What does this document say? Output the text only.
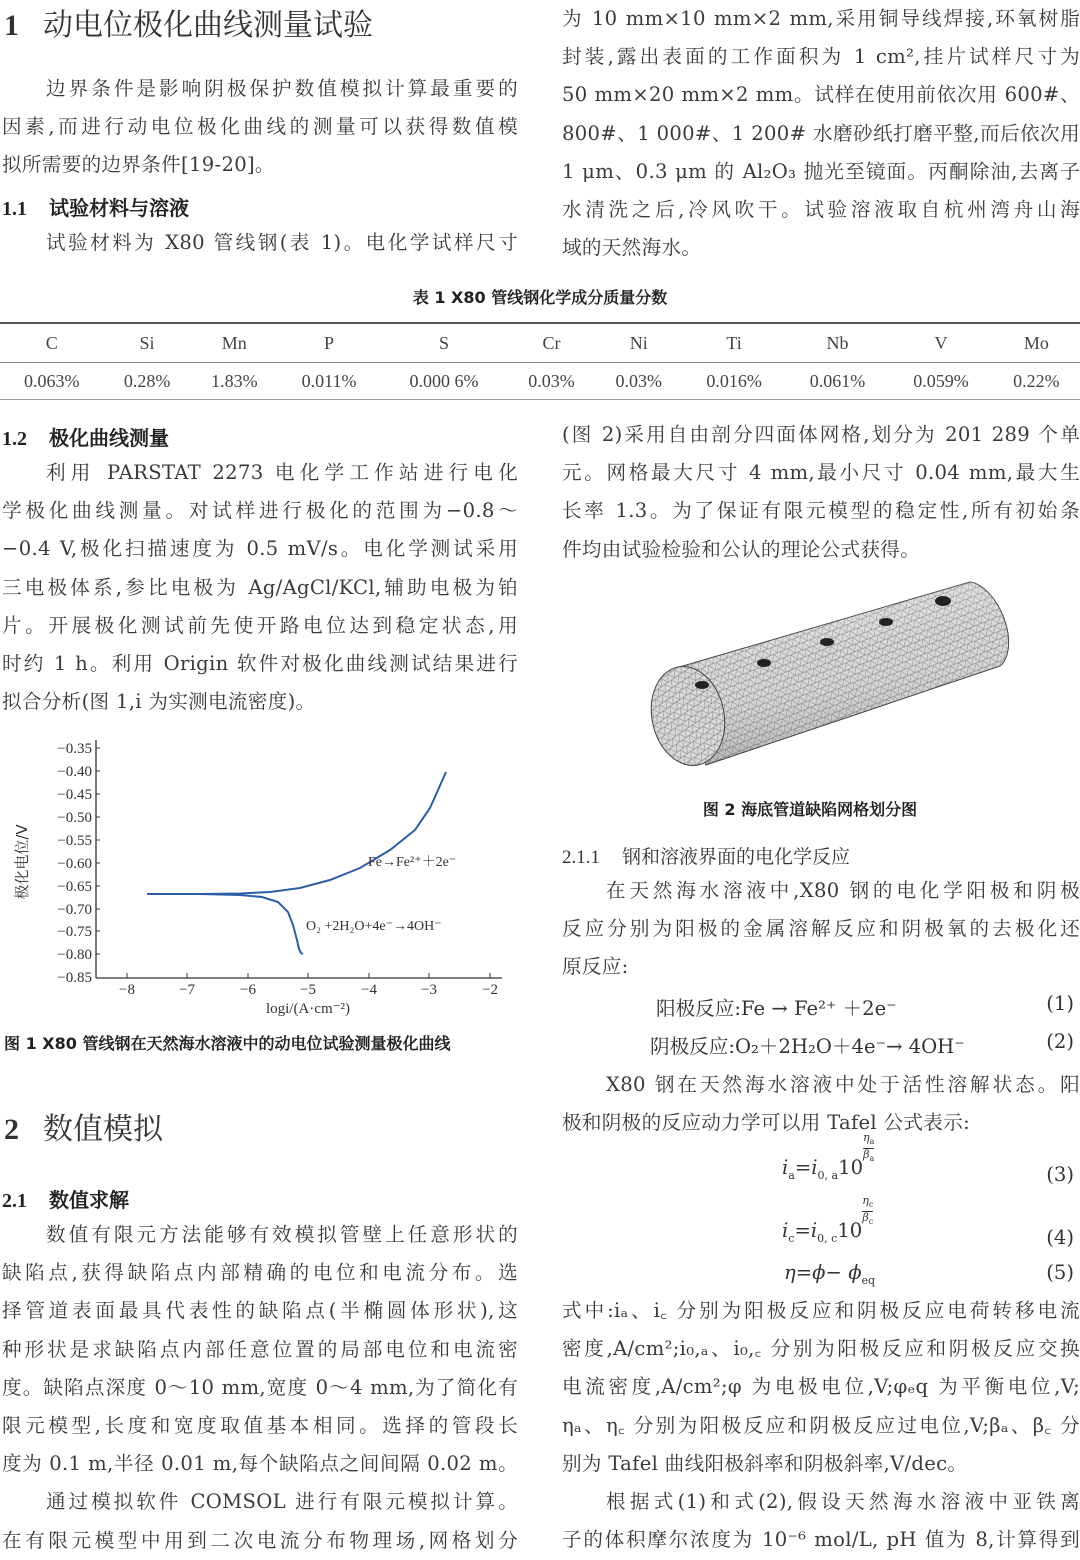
1 动电位极化曲线测量试验
边界条件是影响阴极保护数值模拟计算最重要的
因素,而进行动电位极化曲线的测量可以获得数值模
拟所需要的边界条件[19-20]。
1.1 试验材料与溶液
试验材料为 X80 管线钢(表 1)。电化学试样尺寸
为 10 mm×10 mm×2 mm,采用铜导线焊接,环氧树脂
封装,露出表面的工作面积为 1 cm²,挂片试样尺寸为
50 mm×20 mm×2 mm。试样在使用前依次用 600#、
800#、1 000#、1 200# 水磨砂纸打磨平整,而后依次用
1 μm、0.3 μm 的 Al₂O₃ 抛光至镜面。丙酮除油,去离子
水清洗之后,冷风吹干。试验溶液取自杭州湾舟山海
域的天然海水。
表 1 X80 管线钢化学成分质量分数
C	Si	Mn	P	S	Cr	Ni	Ti	Nb	V	Mo
0.063%	0.28%	1.83%	0.011%	0.000 6%	0.03%	0.03%	0.016%	0.061%	0.059%	0.22%
1.2 极化曲线测量
利用 PARSTAT 2273 电化学工作站进行电化
学极化曲线测量。对试样进行极化的范围为−0.8～
−0.4 V,极化扫描速度为 0.5 mV/s。电化学测试采用
三电极体系,参比电极为 Ag/AgCl/KCl,辅助电极为铂
片。开展极化测试前先使开路电位达到稳定状态,用
时约 1 h。利用 Origin 软件对极化曲线测试结果进行
拟合分析(图 1,i 为实测电流密度)。
−0.35
−0.40
−0.45
−0.50
−0.55
−0.60
−0.65
−0.70
−0.75
−0.80
−0.85
−8	−7	−6	−5	−4	−3	−2
logi/(A·cm⁻²)
极化电位/V	Fe→Fe²⁺＋2e⁻
O₂ +2H₂O+4e⁻→4OH⁻
图 1 X80 管线钢在天然海水溶液中的动电位试验测量极化曲线
2 数值模拟
2.1 数值求解
数值有限元方法能够有效模拟管壁上任意形状的
缺陷点,获得缺陷点内部精确的电位和电流分布。选
择管道表面最具代表性的缺陷点(半椭圆体形状),这
种形状是求缺陷点内部任意位置的局部电位和电流密
度。缺陷点深度 0～10 mm,宽度 0～4 mm,为了简化有
限元模型,长度和宽度取值基本相同。选择的管段长
度为 0.1 m,半径 0.01 m,每个缺陷点之间间隔 0.02 m。
通过模拟软件 COMSOL 进行有限元模拟计算。
在有限元模型中用到二次电流分布物理场,网格划分
(图 2)采用自由剖分四面体网格,划分为 201 289 个单
元。网格最大尺寸 4 mm,最小尺寸 0.04 mm,最大生
长率 1.3。为了保证有限元模型的稳定性,所有初始条
件均由试验检验和公认的理论公式获得。
图 2 海底管道缺陷网格划分图
2.1.1 钢和溶液界面的电化学反应
在天然海水溶液中,X80 钢的电化学阳极和阴极
反应分别为阳极的金属溶解反应和阴极氧的去极化还
原反应:
阳极反应:Fe → Fe²⁺ ＋2e⁻	(1)
阴极反应:O₂＋2H₂O＋4e⁻→ 4OH⁻	(2)
X80 钢在天然海水溶液中处于活性溶解状态。阳
极和阴极的反应动力学可以用 Tafel 公式表示:
$i_a=i_{0, a}10\eta_a$

$\beta_a$
(3)
$i_c=i_{0, c}10\eta_c$

$\beta_c$
(4)
$\eta=\phi- \phi_{eq}$	(5)
式中:iₐ、i꜀ 分别为阳极反应和阴极反应电荷转移电流
密度,A/cm²;i₀,ₐ、i₀,꜀ 分别为阳极反应和阴极反应交换
电流密度,A/cm²;φ 为电极电位,V;φₑq 为平衡电位,V;
ηₐ、η꜀ 分别为阳极反应和阴极反应过电位,V;βₐ、β꜀ 分
别为 Tafel 曲线阳极斜率和阴极斜率,V/dec。
根据式(1)和式(2),假设天然海水溶液中亚铁离
子的体积摩尔浓度为 10⁻⁶ mol/L, pH 值为 8,计算得到
